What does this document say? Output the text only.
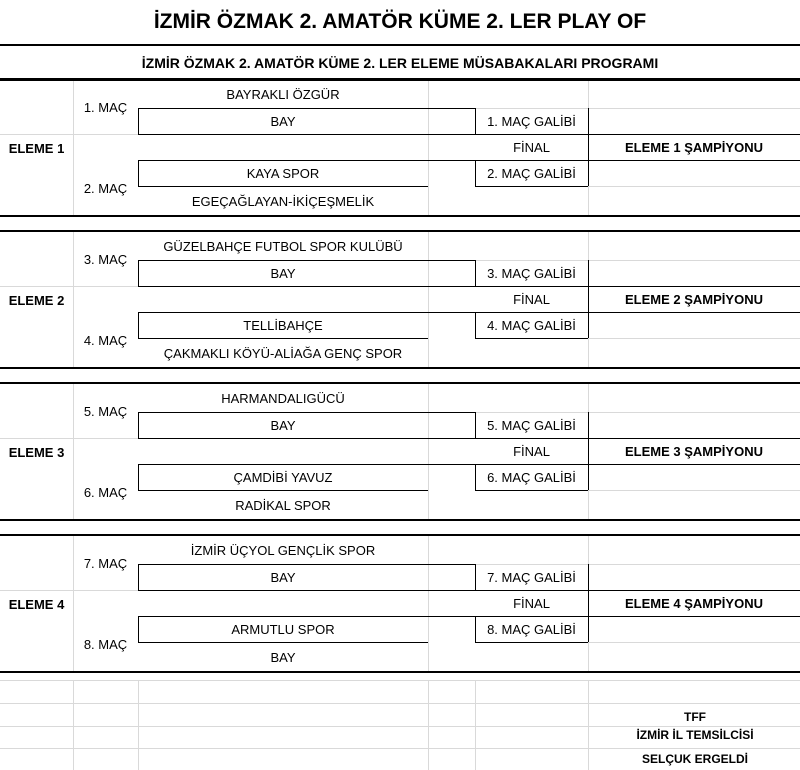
İZMİR ÖZMAK 2. AMATÖR KÜME 2. LER PLAY OF
İZMİR ÖZMAK 2. AMATÖR KÜME 2. LER ELEME MÜSABAKALARI PROGRAMI
ELEME 1
1. MAÇ
2. MAÇ
BAYRAKLI ÖZGÜR
BAY
KAYA SPOR
EGEÇAĞLAYAN-İKİÇEŞMELİK
1. MAÇ GALİBİ
FİNAL
2. MAÇ GALİBİ
ELEME 1 ŞAMPİYONU
ELEME 2
3. MAÇ
4. MAÇ
GÜZELBAHÇE FUTBOL SPOR KULÜBÜ
BAY
TELLİBAHÇE
ÇAKMAKLI KÖYÜ-ALİAĞA GENÇ SPOR
3. MAÇ GALİBİ
FİNAL
4. MAÇ GALİBİ
ELEME 2 ŞAMPİYONU
ELEME 3
5. MAÇ
6. MAÇ
HARMANDALIGÜCÜ
BAY
ÇAMDİBİ YAVUZ
RADİKAL SPOR
5. MAÇ GALİBİ
FİNAL
6. MAÇ GALİBİ
ELEME 3 ŞAMPİYONU
ELEME 4
7. MAÇ
8. MAÇ
İZMİR ÜÇYOL GENÇLİK SPOR
BAY
ARMUTLU SPOR
BAY
7. MAÇ GALİBİ
FİNAL
8. MAÇ GALİBİ
ELEME 4 ŞAMPİYONU
TFF
İZMİR İL TEMSİLCİSİ
SELÇUK ERGELDİ
